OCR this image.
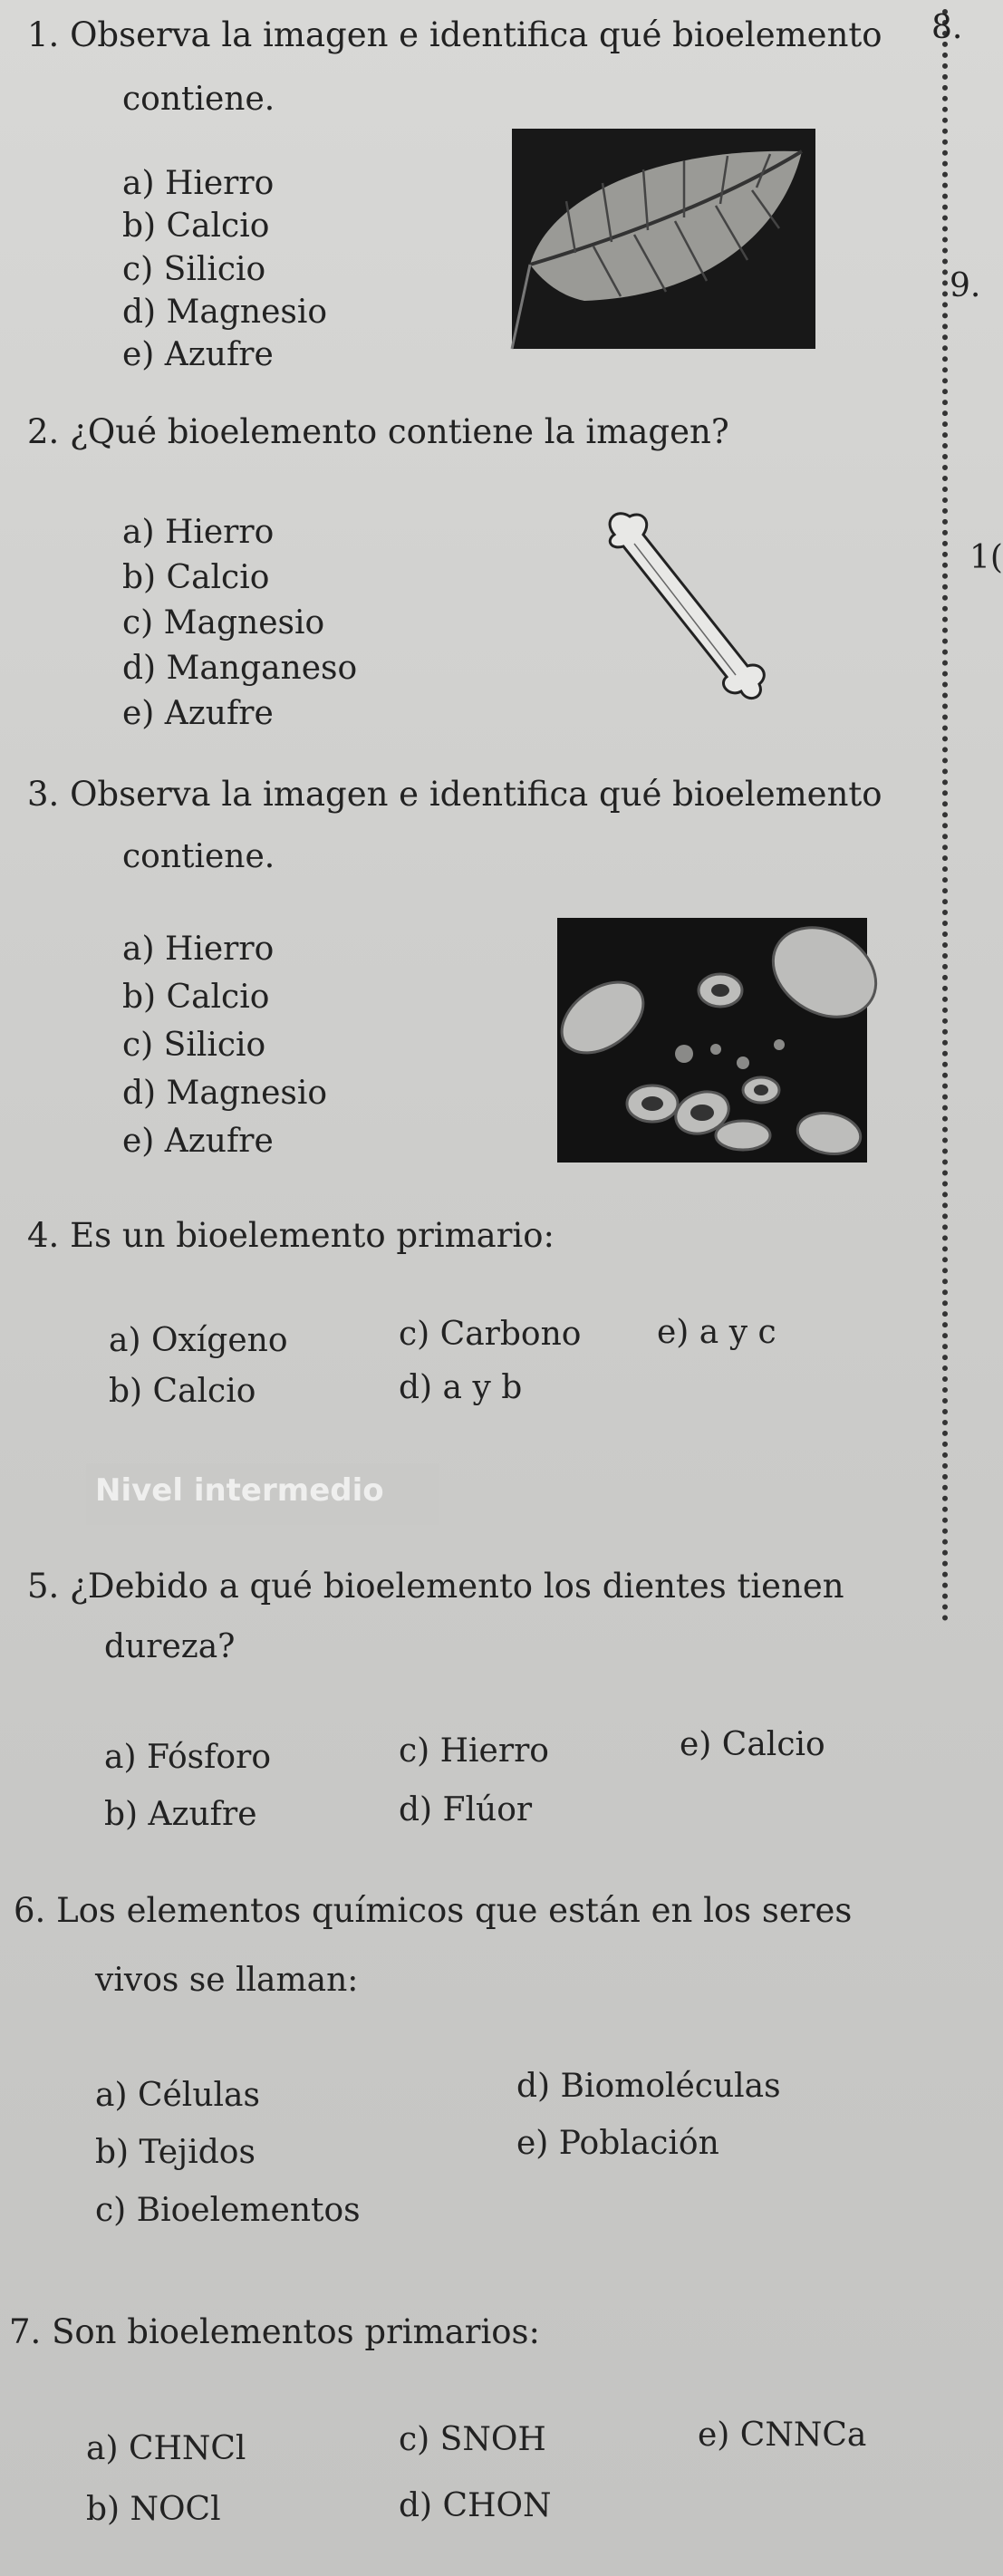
8.
9.
1(
1. Observa la imagen e identifica qué bioelemento
contiene.
a) Hierro
b) Calcio
c) Silicio
d) Magnesio
e) Azufre
2. ¿Qué bioelemento contiene la imagen?
a) Hierro
b) Calcio
c) Magnesio
d) Manganeso
e) Azufre
3. Observa la imagen e identifica qué bioelemento
contiene.
a) Hierro
b) Calcio
c) Silicio
d) Magnesio
e) Azufre
4. Es un bioelemento primario:
a) Oxígeno
b) Calcio
c) Carbono
d) a y b
e) a y c
Nivel intermedio
5. ¿Debido a qué bioelemento los dientes tienen
dureza?
a) Fósforo
b) Azufre
c) Hierro
d) Flúor
e) Calcio
6. Los elementos químicos que están en los seres
vivos se llaman:
a) Células
b) Tejidos
c) Bioelementos
d) Biomoléculas
e) Población
7. Son bioelementos primarios:
a) CHNCl
b) NOCl
c) SNOH
d) CHON
e) CNNCa
